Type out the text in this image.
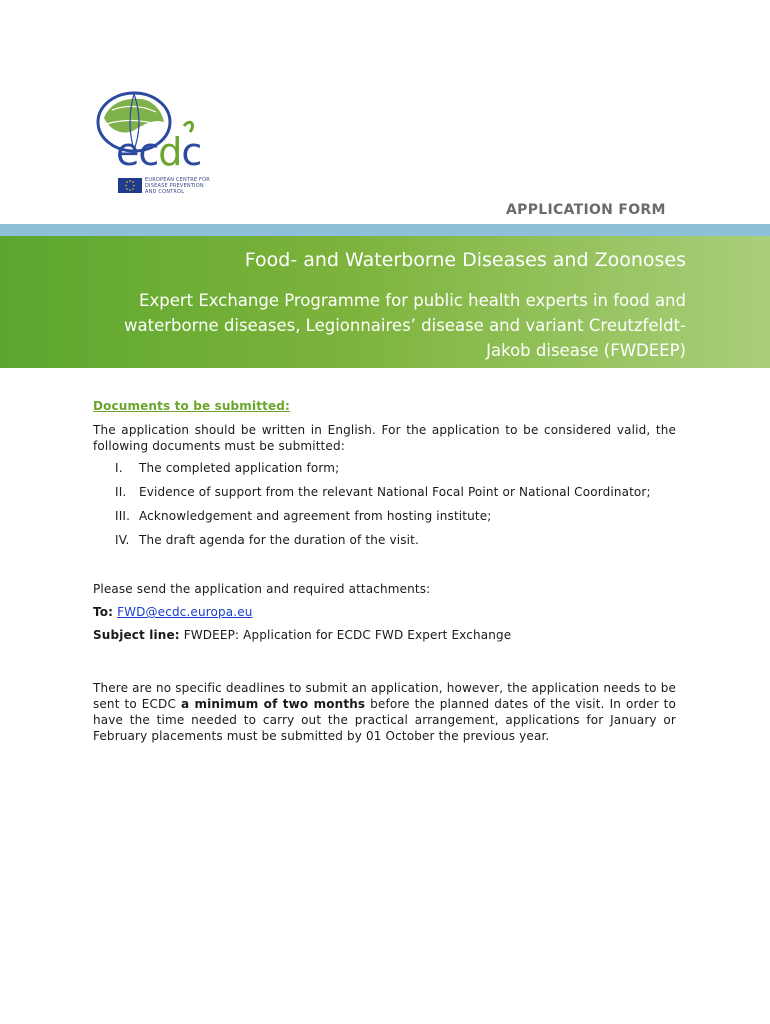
ecdc
EUROPEAN CENTRE FOR
DISEASE PREVENTION
AND CONTROL
APPLICATION FORM
Food- and Waterborne Diseases and Zoonoses
Expert Exchange Programme for public health experts in food and waterborne diseases, Legionnaires’ disease and variant Creutzfeldt-Jakob disease (FWDEEP)

Documents to be submitted:

The application should be written in English. For the application to be considered valid, the following documents must be submitted:

I.	The completed application form;
II.	Evidence of support from the relevant National Focal Point or National Coordinator;
III. Acknowledgement and agreement from hosting institute;
IV. The draft agenda for the duration of the visit.

Please send the application and required attachments:

To: FWD@ecdc.europa.eu

Subject line: FWDEEP: Application for ECDC FWD Expert Exchange

There are no specific deadlines to submit an application, however, the application needs to be sent to ECDC a minimum of two months before the planned dates of the visit. In order to have the time needed to carry out the practical arrangement, applications for January or February placements must be submitted by 01 October the previous year.
